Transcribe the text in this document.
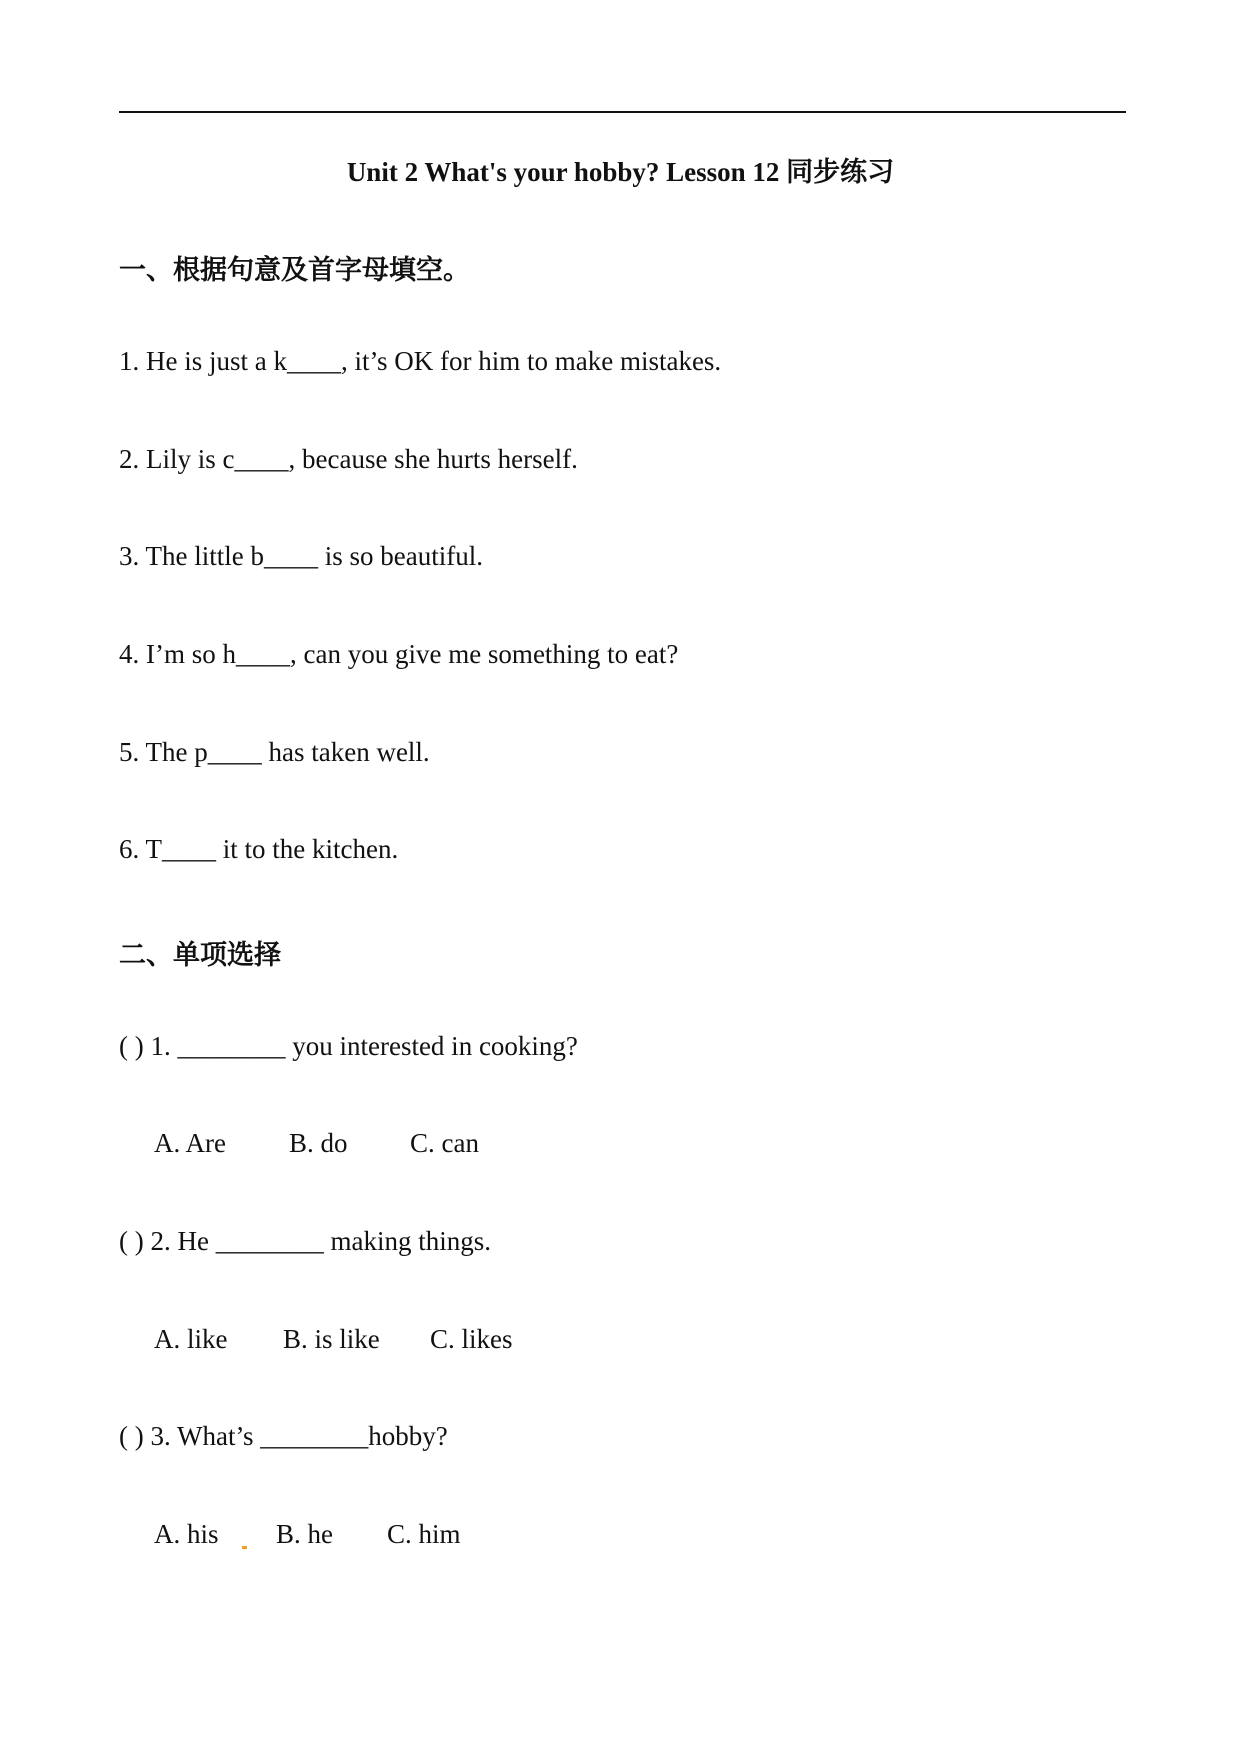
Unit 2 What's your hobby? Lesson 12 同步练习
一、根据句意及首字母填空。
1. He is just a k____, it’s OK for him to make mistakes.
2. Lily is c____, because she hurts herself.
3. The little b____ is so beautiful.
4. I’m so h____, can you give me something to eat?
5. The p____ has taken well.
6. T____ it to the kitchen.
二、单项选择
( ) 1. ________ you interested in cooking?
A. Are B. do C. can
( ) 2. He ________ making things.
A. like B. is like C. likes
( ) 3. What’s ________hobby?
A. his B. he C. him
